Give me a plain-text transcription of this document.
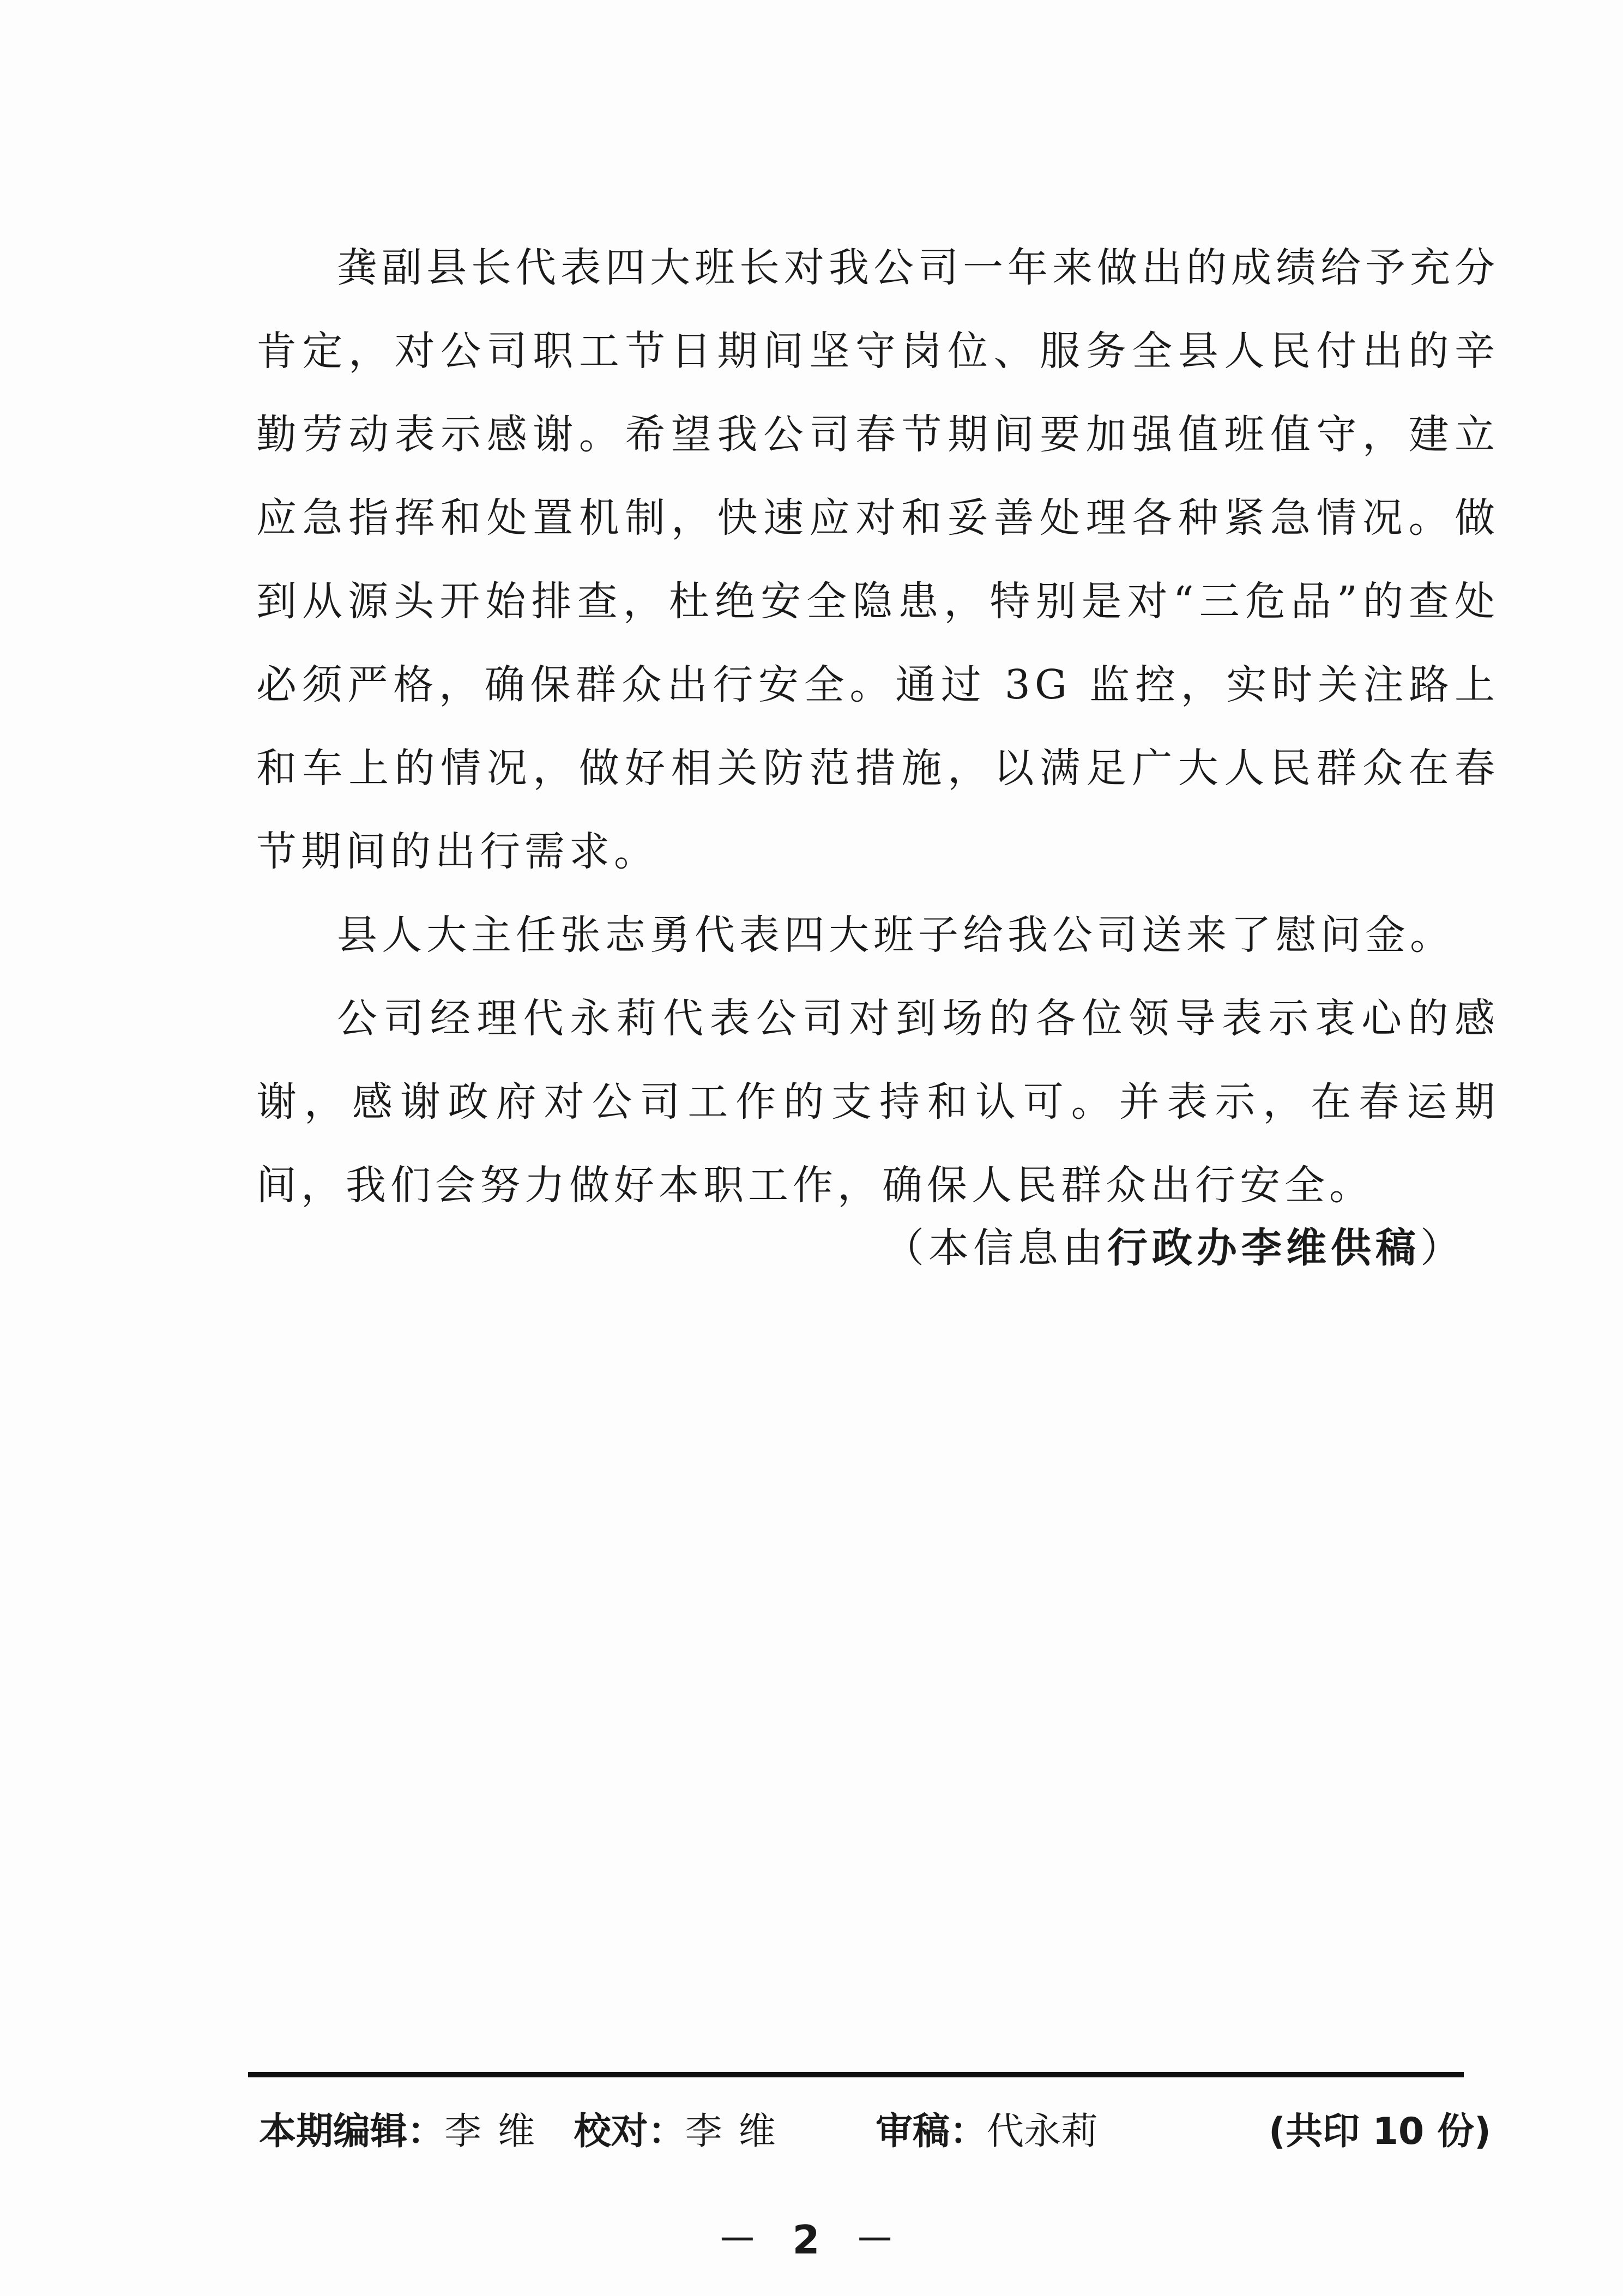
龚副县长代表四大班长对我公司一年来做出的成绩给予充分肯定，对公司职工节日期间坚守岗位、服务全县人民付出的辛勤劳动表示感谢。希望我公司春节期间要加强值班值守，建立应急指挥和处置机制，快速应对和妥善处理各种紧急情况。做到从源头开始排查，杜绝安全隐患，特别是对“三危品”的查处必须严格，确保群众出行安全。通过 3G 监控，实时关注路上和车上的情况，做好相关防范措施，以满足广大人民群众在春节期间的出行需求。

县人大主任张志勇代表四大班子给我公司送来了慰问金。

公司经理代永莉代表公司对到场的各位领导表示衷心的感谢，感谢政府对公司工作的支持和认可。并表示，在春运期间，我们会努力做好本职工作，确保人民群众出行安全。

（本信息由行政办李维供稿）
本期编辑：李维 校对：李维 审稿：代永莉	(共印 10 份)
－ 2 －
